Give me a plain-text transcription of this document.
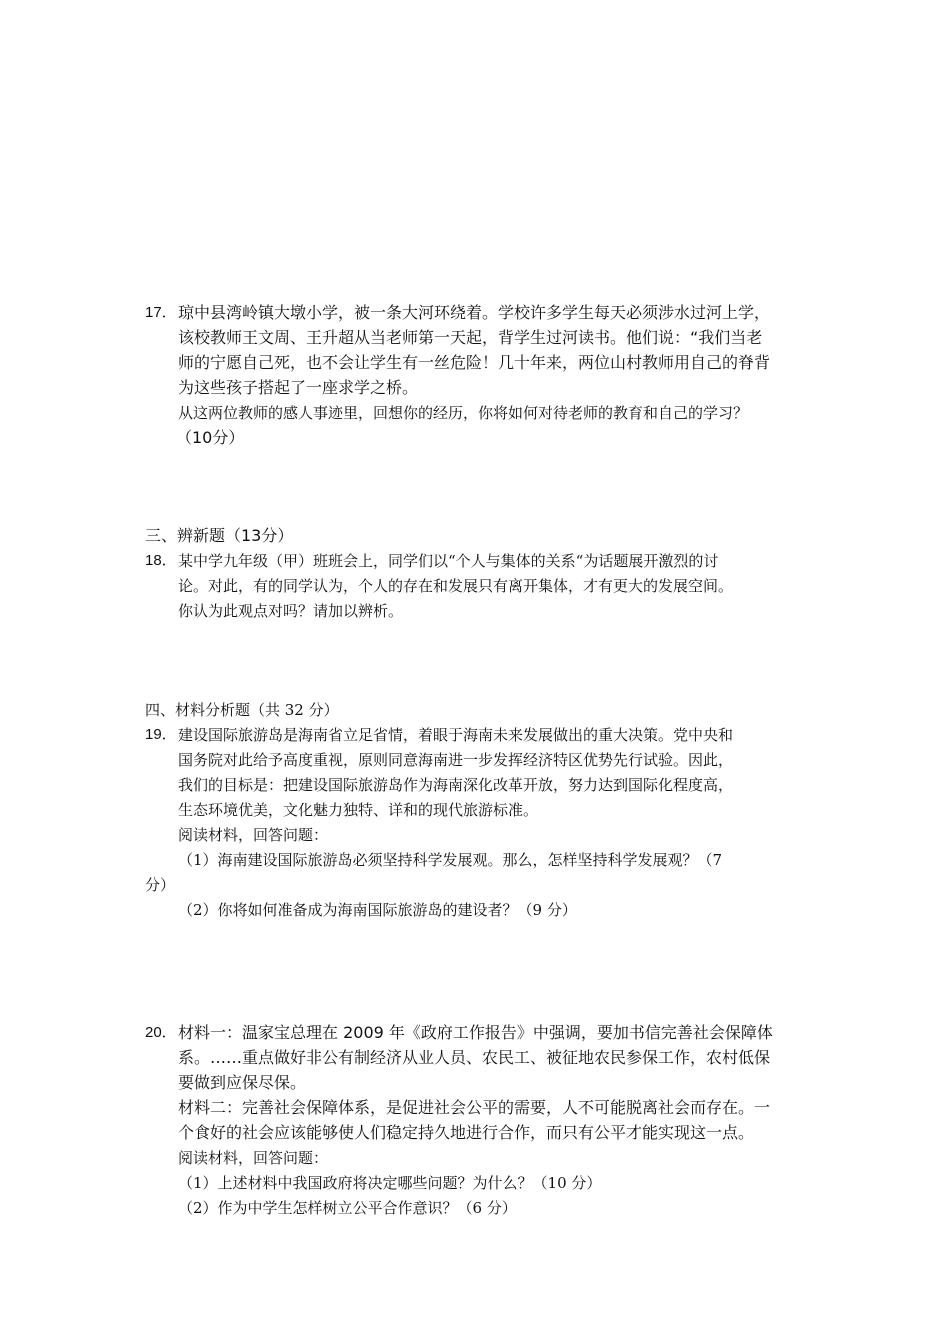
17． 琼中县湾岭镇大墩小学，被一条大河环绕着。学校许多学生每天必须涉水过河上学，
该校教师王文周、王升超从当老师第一天起，背学生过河读书。他们说：“我们当老
师的宁愿自己死，也不会让学生有一丝危险！几十年来，两位山村教师用自己的脊背
为这些孩子搭起了一座求学之桥。
从这两位教师的感人事迹里，回想你的经历，你将如何对待老师的教育和自己的学习？
（10分）
三、辨新题（13分）
18． 某中学九年级（甲）班班会上，同学们以“个人与集体的关系“为话题展开激烈的讨
论。对此，有的同学认为，个人的存在和发展只有离开集体，才有更大的发展空间。
你认为此观点对吗？请加以辨析。
四、材料分析题（共 32 分）
19． 建设国际旅游岛是海南省立足省情，着眼于海南未来发展做出的重大决策。党中央和
国务院对此给予高度重视，原则同意海南进一步发挥经济特区优势先行试验。因此，
我们的目标是：把建设国际旅游岛作为海南深化改革开放，努力达到国际化程度高，
生态环境优美，文化魅力独特、详和的现代旅游标准。
阅读材料，回答问题：
（1）海南建设国际旅游岛必须坚持科学发展观。那么，怎样坚持科学发展观？（7
分）
（2）你将如何准备成为海南国际旅游岛的建设者？（9 分）
20． 材料一：温家宝总理在 2009 年《政府工作报告》中强调，要加书信完善社会保障体
系。……重点做好非公有制经济从业人员、农民工、被征地农民参保工作，农村低保
要做到应保尽保。
材料二：完善社会保障体系，是促进社会公平的需要，人不可能脱离社会而存在。一
个食好的社会应该能够使人们稳定持久地进行合作，而只有公平才能实现这一点。
阅读材料，回答问题：
（1）上述材料中我国政府将决定哪些问题？为什么？（10 分）
（2）作为中学生怎样树立公平合作意识？（6 分）
